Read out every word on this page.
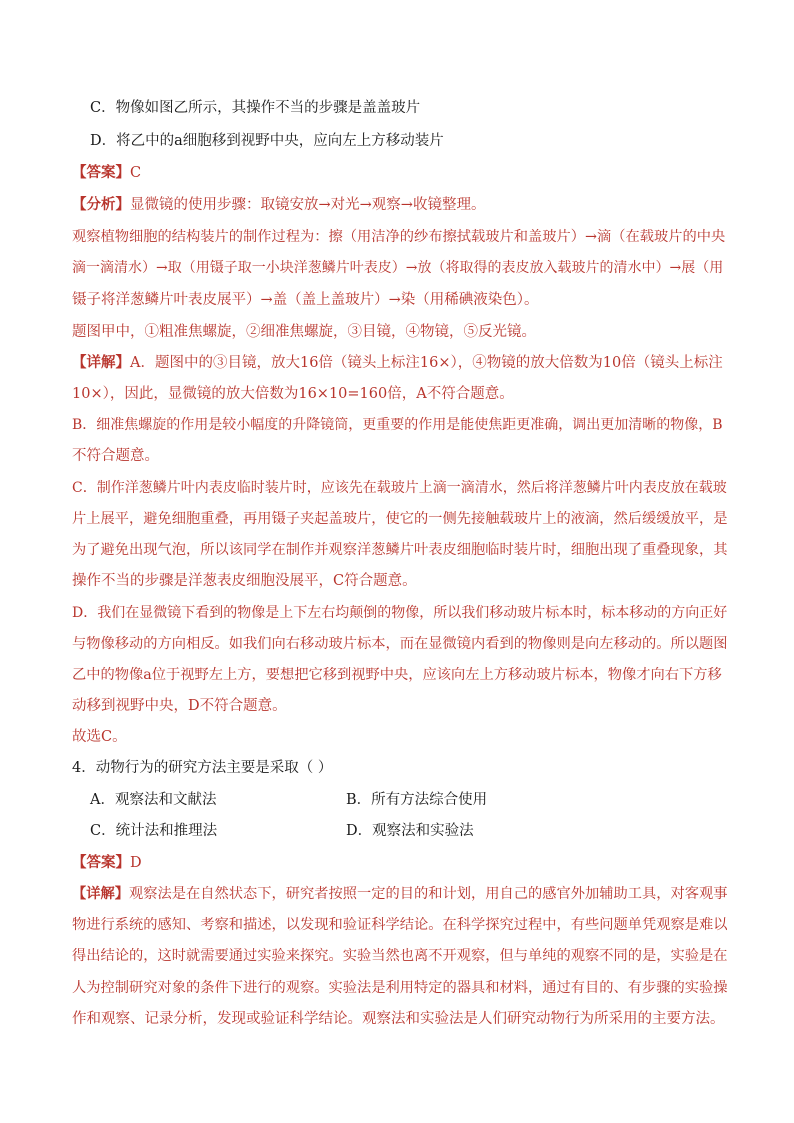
C．物像如图乙所示，其操作不当的步骤是盖盖玻片
D．将乙中的a细胞移到视野中央，应向左上方移动装片
【答案】C
【分析】显微镜的使用步骤：取镜安放→对光→观察→收镜整理。
观察植物细胞的结构装片的制作过程为：擦（用洁净的纱布擦拭载玻片和盖玻片）→滴（在载玻片的中央
滴一滴清水）→取（用镊子取一小块洋葱鳞片叶表皮）→放（将取得的表皮放入载玻片的清水中）→展（用
镊子将洋葱鳞片叶表皮展平）→盖（盖上盖玻片）→染（用稀碘液染色）。
题图甲中，①粗准焦螺旋，②细准焦螺旋，③目镜，④物镜，⑤反光镜。
【详解】A．题图中的③目镜，放大16倍（镜头上标注16×），④物镜的放大倍数为10倍（镜头上标注
10×），因此，显微镜的放大倍数为16×10=160倍，A不符合题意。
B．细准焦螺旋的作用是较小幅度的升降镜筒，更重要的作用是能使焦距更准确，调出更加清晰的物像，B
不符合题意。
C．制作洋葱鳞片叶内表皮临时装片时，应该先在载玻片上滴一滴清水，然后将洋葱鳞片叶内表皮放在载玻
片上展平，避免细胞重叠，再用镊子夹起盖玻片，使它的一侧先接触载玻片上的液滴，然后缓缓放平，是
为了避免出现气泡，所以该同学在制作并观察洋葱鳞片叶表皮细胞临时装片时，细胞出现了重叠现象，其
操作不当的步骤是洋葱表皮细胞没展平，C符合题意。
D．我们在显微镜下看到的物像是上下左右均颠倒的物像，所以我们移动玻片标本时，标本移动的方向正好
与物像移动的方向相反。如我们向右移动玻片标本，而在显微镜内看到的物像则是向左移动的。所以题图
乙中的物像a位于视野左上方，要想把它移到视野中央，应该向左上方移动玻片标本，物像才向右下方移
动移到视野中央，D不符合题意。
故选C。
4．动物行为的研究方法主要是采取（ ）
A．观察法和文献法	B．所有方法综合使用
C．统计法和推理法	D．观察法和实验法
【答案】D
【详解】观察法是在自然状态下，研究者按照一定的目的和计划，用自己的感官外加辅助工具，对客观事
物进行系统的感知、考察和描述，以发现和验证科学结论。在科学探究过程中，有些问题单凭观察是难以
得出结论的，这时就需要通过实验来探究。实验当然也离不开观察，但与单纯的观察不同的是，实验是在
人为控制研究对象的条件下进行的观察。实验法是利用特定的器具和材料，通过有目的、有步骤的实验操
作和观察、记录分析，发现或验证科学结论。观察法和实验法是人们研究动物行为所采用的主要方法。
